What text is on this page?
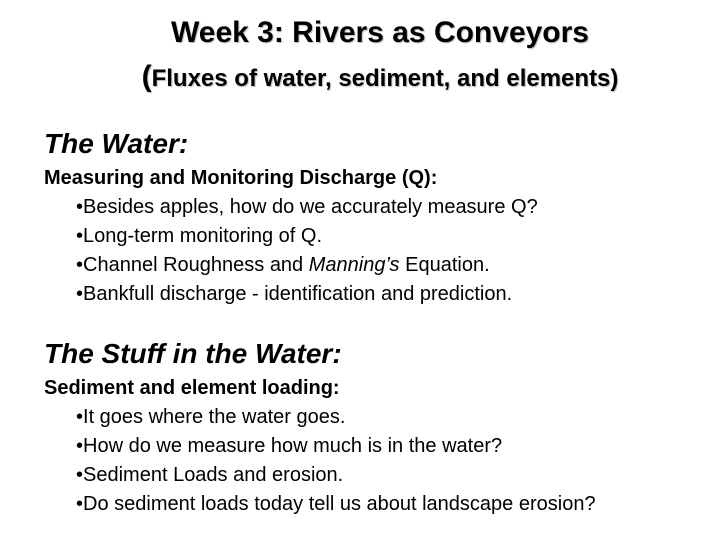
Week 3: Rivers as Conveyors
(Fluxes of water, sediment, and elements)
The Water:
Measuring and Monitoring Discharge (Q):
•Besides apples, how do we accurately measure Q?
•Long-term monitoring of Q.
•Channel Roughness and Manning’s Equation.
•Bankfull discharge - identification and prediction.
The Stuff in the Water:
Sediment and element loading:
•It goes where the water goes.
•How do we measure how much is in the water?
•Sediment Loads and erosion.
•Do sediment loads today tell us about landscape erosion?
